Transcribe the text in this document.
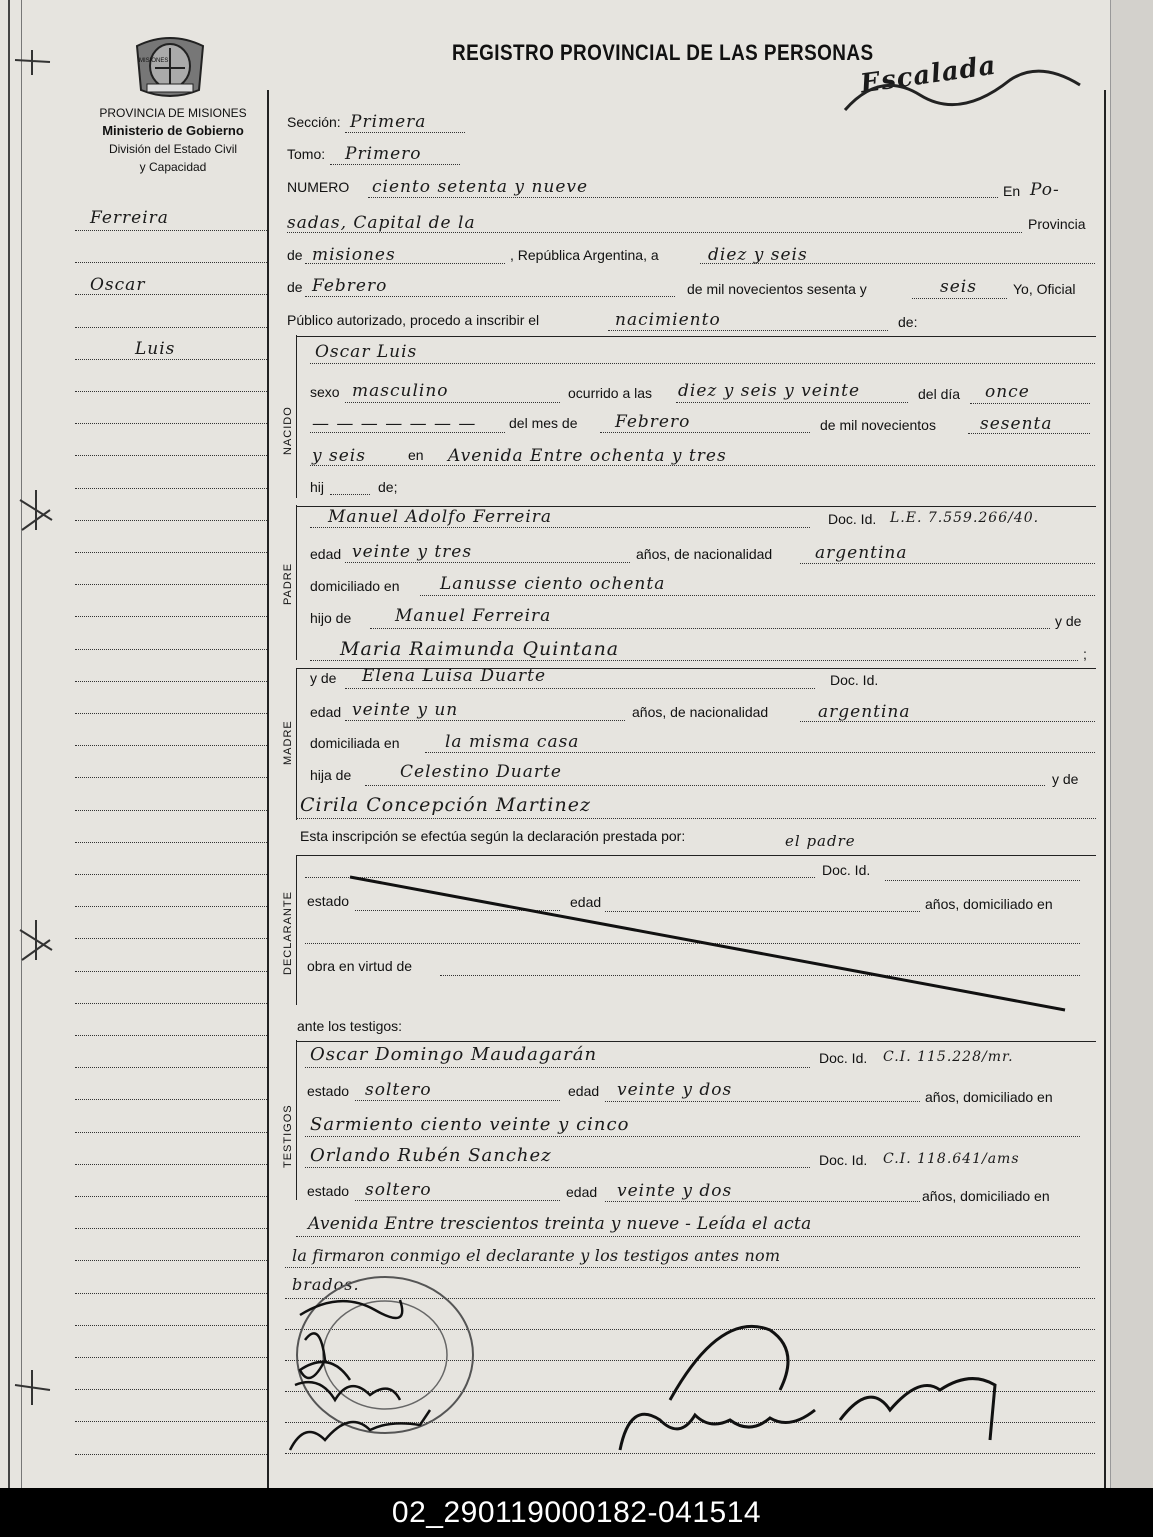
MISIONES
PROVINCIA DE MISIONES
Ministerio de Gobierno
División del Estado Civil
y Capacidad
REGISTRO PROVINCIAL DE LAS PERSONAS
Escalada
NACIDO
PADRE
MADRE
DECLARANTE
TESTIGOS
Ferreira
Oscar
Luis
Sección: Primera
Tomo: Primero
NUMERO ciento setenta y nueve	En Po-
sadas, Capital de la	Provincia
de misiones	, República Argentina, a	diez y seis
de Febrero	de mil novecientos sesenta y	seis	Yo, Oficial
Público autorizado, procedo a inscribir el	nacimiento	de:
Oscar Luis
sexo masculino	ocurrido a las diez y seis y veinte	del día once
— — — — — — — del mes de Febrero	de mil novecientos	sesenta
y seis	en Avenida Entre ochenta y tres
hij	de;
Manuel Adolfo Ferreira	Doc. Id. L.E. 7.559.266/40.
edad veinte y tres	años, de nacionalidad	argentina
domiciliado en Lanusse ciento ochenta
hijo de	Manuel Ferreira	y de
Maria Raimunda Quintana	;
y de Elena Luisa Duarte	Doc. Id.
edad veinte y un	años, de nacionalidad	argentina
domiciliada en	la misma casa
hija de	Celestino Duarte	y de
Cirila Concepción Martinez
Esta inscripción se efectúa según la declaración prestada por:	el padre
Doc. Id.
estado	edad	años, domiciliado en
obra en virtud de
ante los testigos:
Oscar Domingo Maudagarán	Doc. Id. C.I. 115.228/mr.
estado soltero	edad veinte y dos	años, domiciliado en
Sarmiento ciento veinte y cinco
Orlando Rubén Sanchez	Doc. Id. C.I. 118.641/ams
estado soltero	edad veinte y dos	años, domiciliado en
Avenida Entre trescientos treinta y nueve - Leída el acta
la firmaron conmigo el declarante y los testigos antes nom
brados.
02_290119000182-041514
